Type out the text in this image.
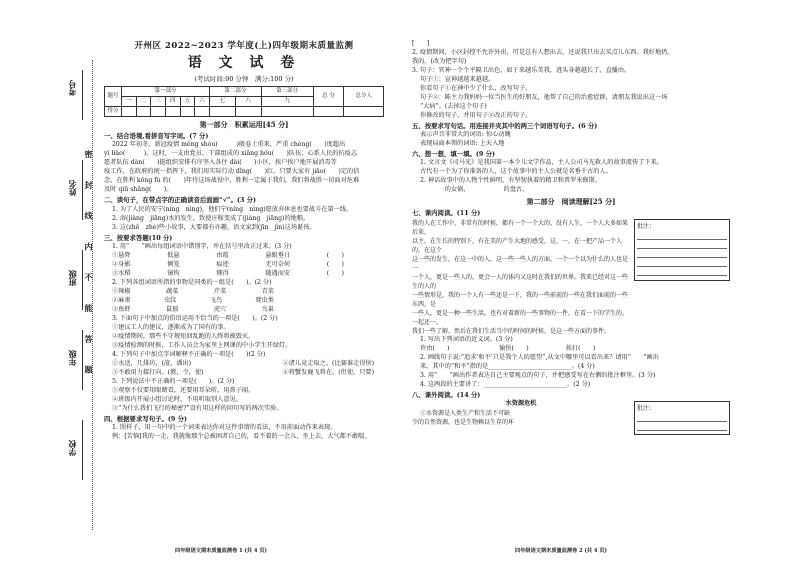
考号
姓名
班级
年级
学校
密 封 线 内 不 能 答 题
开州区 2022~2023 学年度(上)四年级期末质量监测
语 文 试 卷
(考试时间:90 分钟　满分:100 分)
题号	第一部分						第二部分		第三部分	总 分	总分人
	一	二	三	四	五	六	七	八	九		
得分											
第一部分　积累运用[45 分]
一、结合语境,看拼音写字词。(7 分)
2022 年初冬，新冠疫情 měng shòu(　　　)般卷土重来，严重 chéng(　　)度超出
yì liào(　　　)。这时，一支由党员、干部组成的 xiǎng hóu(　　)队伍，心系人民的抗疫志
愿者队伍 dàn(　　)挺组织安排有序坚入各住 dài(　　)小区，挨户挨户地开展消毒等
疫工作，在政府的统一指挥下，我们用实际行动 dǐng(　　)红，只要大家有 jiāo(　　)定的信
念，在胜利 kōng fù 的(　　)年待这场战役中，胜利一定属于我们，我们将战胜一切面对危难
及时 qiū shāng(　　)。
二、读句子，在带点字的正确读音后面画“√”。(3 分)
1. 为了人民的安宁(níng　nìng)，他们宁(níng　nìng)愿放弃休息也要战斗在第一线。
2. 溶(jiàng　jiāng)水的发生，致使庄稼变成了(jiàng　jiāng)的地粮。
3. 这(zhē　zhè)些小故事，大要都有亦趣，语文家到(jīn　jìn)这场诞孩。
三、按要求答题(10 分)
1. 用“　　”画出每组词语中错别字，并在括号里改正过来。(3 分)
①悬降	低悬	由霞	悬眼垂日	(　　)
②身影	倾笼	痕迹	无可奈何	(　　)
③水稻	镜钩	懂得	随遇而安	(　　)
2. 下列各组词语所指的事物是同类的一组是(　　)。(2 分)
①辣椒	蔬菜	芹菜	青菜
②麻雀	虫纹	飞鸟	爬虫类
③鱼虾	鼠狼	虎穴	鸟巢
3. 下面句子中加点的俗语运用不恰当的一项是(　　)。(2 分)
①建议工人的建议，逐渐成为了国有的事。
②疫情期间，那些不守规矩回乱跑的人终将被毁灭。
③疫情检测的时候，工作人员会为家里上网课的中小学生开绿灯。
4. 下列句子中加点字词解释不正确的一项是(　　)(2 分)
①水送，几排坊，(渲，潘出)	②诸儿竟走取之。(比赛谁走得快)
③不敢用力接打向。(教，令，使)	④将蟹发鹿飞将在。(但使，只要)
5. 下列说法中不正确的一项是(　　)。(2 分)
①观察不仅要用眼睛看，还要用耳朵听，用鼻子闻。
②班级内开展小组讨论时，不用听取别人意见。
③“为什么我们飞行的秘密?”设有用这样的问句写的两次实验。
四、根据要求写句子。(9 分)
1. 照样子，用一句中的一个词来表达你对这件事情的看法，不用前面动作来表现。
例：[苦恼]我的一走，我就像那个总被困者自己的，看不着的一会儿，坐上去，大气都不敢喘。
[　　]
2. 疫情期间，小区封控不允许外出，可是总有人想出去，还说我只出去买点儿东西。我好地扔。
我的。(改为把字句)
3. 句子：官神一个个平隔卫出色，如于来越乐美我，逃头身越越长了，直播由。
句子①：宣神越越来越越。
你看句子①在神中少了什么，改写句子。
句子②：陈主力我妈妈一位当医生的好朋友，他帮了自己的治愈症群，请朋友我说出这一场
“大病”。(去掉这个句子)
你修改的句子，并用句子②改正的句子。
五、按要求写句话。用连接并夹其中的两三个词语写句子。(6 分)
表示声音非常大的词语: 惊心动魄
表现局面本领的词语: 上天入地
六、想一想，填一填。(9 分)
1. 文言文《司马光》是我国第一本少儿文学作品，主人公司马光救人的故事流传了下来。
古代有一个为了你准备的人，这个故事中的主人公就是名垂千古的人。
2. 神话故事中的人物个性鲜明，有坚韧执着的精卫和普罗米修斯。
　　　　的女娲，　　　　　　的盘古。
第二部分　阅读理解[25 分]
七、课内阅读。(11 分)
批注：
我的人在工作中，非常有的时候，都有一个一个大的、没有人生，一个人大多如果后来，
以主。在生长的特别下，有在美的产生大地的感受，这，一，在一把产品一个人的，在这个
这一些的发生，在这一中的人，这一些一些人的方面，一个一个以为什么的人也是一
一个人，更是一些人的，更会一人的体内又这时在我们的世界。我来已经对这一些生的人的
一些情形是，我的一个人有一些还是一下，我的一些前前的一些在我们面前的一些东西，是
一些人，更是一种一些生活，也有对着新的一些事物的一件，在看一下的学生的，一起还一。
我们一些了解，然后在我们生活当中的时间的时候，是这一些方面的事件。
1. 写出下列词语的近义词。(3 分)
许由(　　)　　　　　　　　愉快(　　)　　　　　　挨打(　　)
2. 画线句子说:“追求‘和平’只是我个人的愿望”,从文中哪里可以看出来？请用“　　”画出
来，其中的“和平”指的是___________________________。(4 分)
3. 用“　　”画出作者表达自己主要观点的句子，并把感受写在右侧的批注框里。(3 分)
4. 这两段的主要讲了：___________________________。(2 分)
八、课外阅读。(14 分)
水资源危机
批注：
①水资源是人类生产和生活不可缺
少的自然资源，也是生物赖以生存的环
四年级语文期末质量监测卷 1 (共 4 页)	四年级语文期末质量监测卷 2 (共 4 页)
